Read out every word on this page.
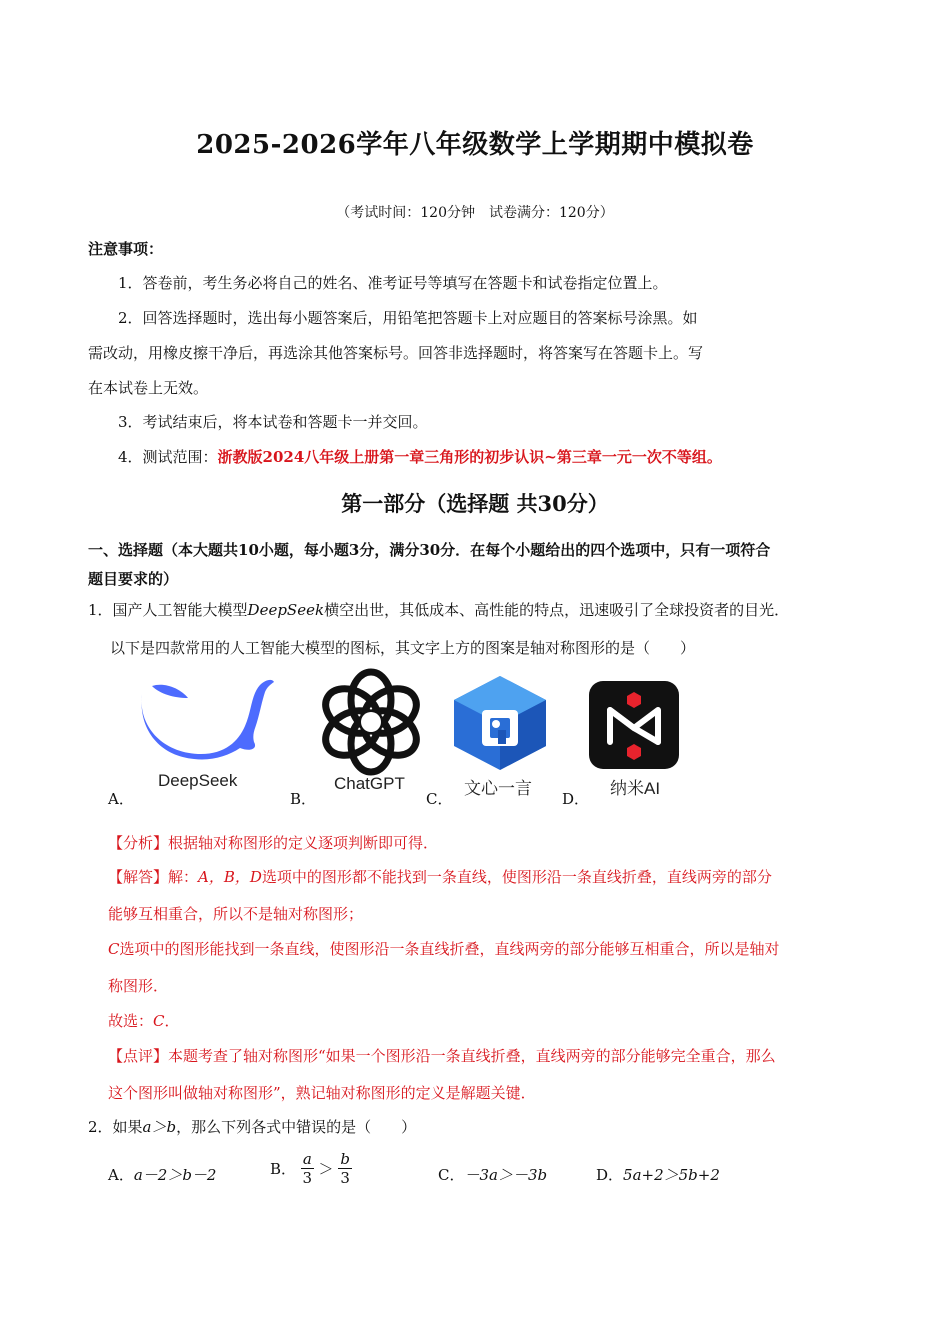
2025-2026学年八年级数学上学期期中模拟卷
（考试时间：120分钟　试卷满分：120分）
注意事项：
1．答卷前，考生务必将自己的姓名、准考证号等填写在答题卡和试卷指定位置上。
2．回答选择题时，选出每小题答案后，用铅笔把答题卡上对应题目的答案标号涂黑。如
需改动，用橡皮擦干净后，再选涂其他答案标号。回答非选择题时，将答案写在答题卡上。写
在本试卷上无效。
3．考试结束后，将本试卷和答题卡一并交回。
4．测试范围：浙教版2024八年级上册第一章三角形的初步认识~第三章一元一次不等组。
第一部分（选择题 共30分）
一、选择题（本大题共10小题，每小题3分，满分30分．在每个小题给出的四个选项中，只有一项符合
题目要求的）
1．国产人工智能大模型DeepSeek横空出世，其低成本、高性能的特点，迅速吸引了全球投资者的目光．
以下是四款常用的人工智能大模型的图标，其文字上方的图案是轴对称图形的是（　　）
DeepSeek
A．
ChatGPT
B．
文心一言
C．
纳米AI
D．
【分析】根据轴对称图形的定义逐项判断即可得．
【解答】解：A，B，D选项中的图形都不能找到一条直线，使图形沿一条直线折叠，直线两旁的部分
能够互相重合，所以不是轴对称图形；
C选项中的图形能找到一条直线，使图形沿一条直线折叠，直线两旁的部分能够互相重合，所以是轴对
称图形．
故选：C．
【点评】本题考查了轴对称图形“如果一个图形沿一条直线折叠，直线两旁的部分能够完全重合，那么
这个图形叫做轴对称图形”，熟记轴对称图形的定义是解题关键．
2．如果a＞b，那么下列各式中错误的是（　　）
A．a－2＞b－2	B． $\frac{a}{3} > \frac{b}{3}$	C．－3a＞－3b	D．5a+2＞5b+2
